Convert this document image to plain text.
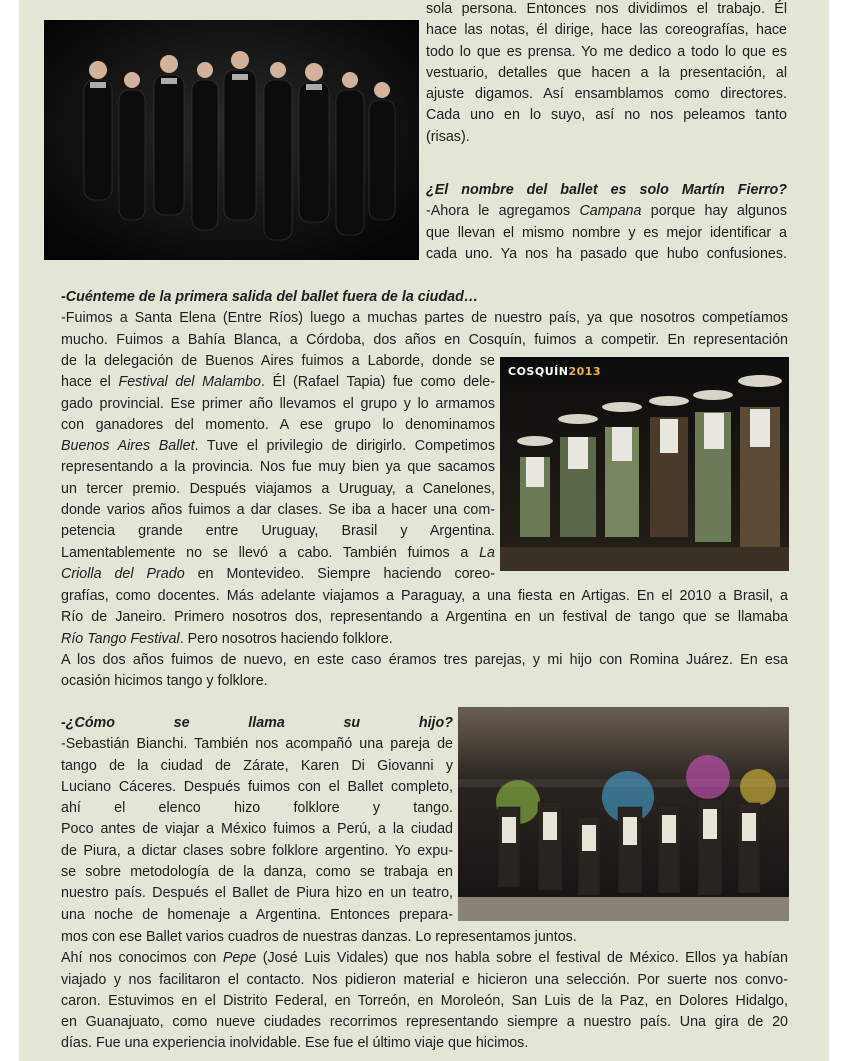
sola persona. Entonces nos dividimos el trabajo. Él

hace las notas, él dirige, hace las coreografías, hace

todo lo que es prensa. Yo me dedico a todo lo que es

vestuario, detalles que hacen a la presentación, al

ajuste digamos. Así ensamblamos como directores.

Cada uno en lo suyo, así no nos peleamos tanto

(risas).

¿El nombre del ballet es solo Martín Fierro?

-Ahora le agregamos Campana porque hay algunos

que llevan el mismo nombre y es mejor identificar a

cada uno. Ya nos ha pasado que hubo confusiones.

-Cuénteme de la primera salida del ballet fuera de la ciudad…

-Fuimos a Santa Elena (Entre Ríos) luego a muchas partes de nuestro país, ya que nosotros competíamos

mucho. Fuimos a Bahía Blanca, a Córdoba, dos años en Cosquín, fuimos a competir. En representación

de la delegación de Buenos Aires fuimos a Laborde, donde se

hace el Festival del Malambo. Él (Rafael Tapia) fue como dele-

gado provincial. Ese primer año llevamos el grupo y lo armamos

con ganadores del momento. A ese grupo lo denominamos

Buenos Aires Ballet. Tuve el privilegio de dirigirlo. Competimos

representando a la provincia. Nos fue muy bien ya que sacamos

un tercer premio. Después viajamos a Uruguay, a Canelones,

donde varios años fuimos a dar clases. Se iba a hacer una com-

petencia grande entre Uruguay, Brasil y Argentina.

Lamentablemente no se llevó a cabo. También fuimos a La

Criolla del Prado en Montevideo. Siempre haciendo coreo-

COSQUÍN2013

grafías, como docentes. Más adelante viajamos a Paraguay, a una fiesta en Artigas. En el 2010 a Brasil, a

Río de Janeiro. Primero nosotros dos, representando a Argentina en un festival de tango que se llamaba

Río Tango Festival. Pero nosotros haciendo folklore.

A los dos años fuimos de nuevo, en este caso éramos tres parejas, y mi hijo con Romina Juárez. En esa

ocasión hicimos tango y folklore.

-¿Cómo se llama su hijo?

-Sebastián Bianchi. También nos acompañó una pareja de

tango de la ciudad de Zárate, Karen Di Giovanni y

Luciano Cáceres. Después fuimos con el Ballet completo,

ahí el elenco hizo folklore y tango.

Poco antes de viajar a México fuimos a Perú, a la ciudad

de Piura, a dictar clases sobre folklore argentino. Yo expu-

se sobre metodología de la danza, como se trabaja en

nuestro país. Después el Ballet de Piura hizo en un teatro,

una noche de homenaje a Argentina. Entonces prepara-

mos con ese Ballet varios cuadros de nuestras danzas. Lo representamos juntos.

Ahí nos conocimos con Pepe (José Luis Vidales) que nos habla sobre el festival de México. Ellos ya habían

viajado y nos facilitaron el contacto. Nos pidieron material e hicieron una selección. Por suerte nos convo-

caron. Estuvimos en el Distrito Federal, en Torreón, en Moroleón, San Luis de la Paz, en Dolores Hidalgo,

en Guanajuato, como nueve ciudades recorrimos representando siempre a nuestro país. Una gira de 20

días. Fue una experiencia inolvidable. Ese fue el último viaje que hicimos.
